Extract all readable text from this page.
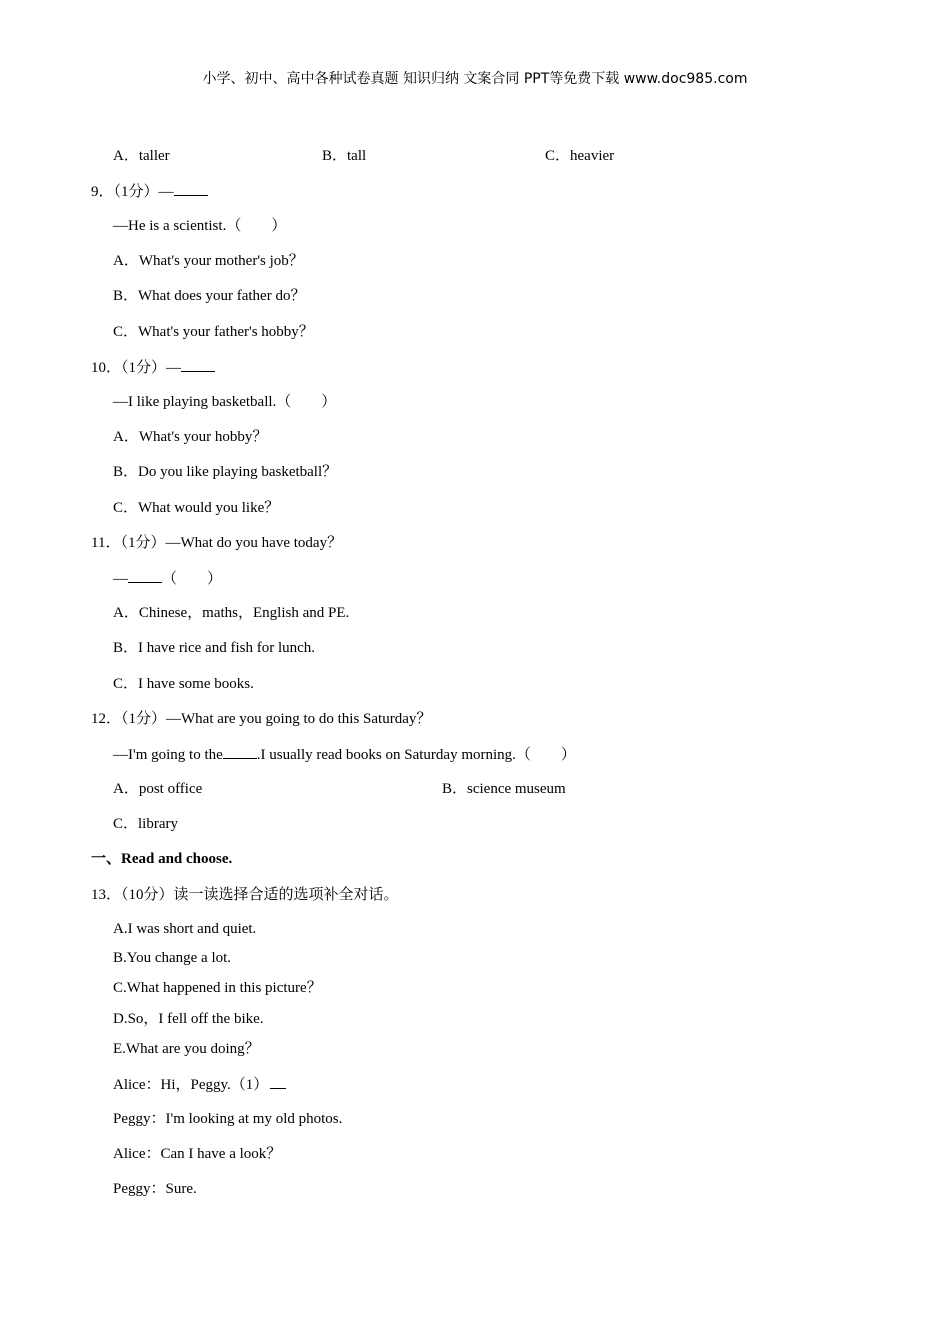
小学、初中、高中各种试卷真题 知识归纳 文案合同 PPT等免费下载 www.doc985.com
A．taller	B．tall	C．heavier
9．（1分）—
—He is a scientist.（　　）
A．What's your mother's job？
B．What does your father do？
C．What's your father's hobby？
10．（1分）—
—I like playing basketball.（　　）
A．What's your hobby？
B．Do you like playing basketball？
C．What would you like？
11．（1分）—What do you have today？
— （　　）
A．Chinese，maths，English and PE.
B．I have rice and fish for lunch.
C．I have some books.
12．（1分）—What are you going to do this Saturday？
—I'm going to the .I usually read books on Saturday morning.（　　）
A．post office	B．science museum
C．library
一、Read and choose.
13．（10分）读一读选择合适的选项补全对话。
A.I was short and quiet.
B.You change a lot.
C.What happened in this picture？
D.So，I fell off the bike.
E.What are you doing？
Alice：Hi，Peggy.（1）
Peggy：I'm looking at my old photos.
Alice：Can I have a look？
Peggy：Sure.
